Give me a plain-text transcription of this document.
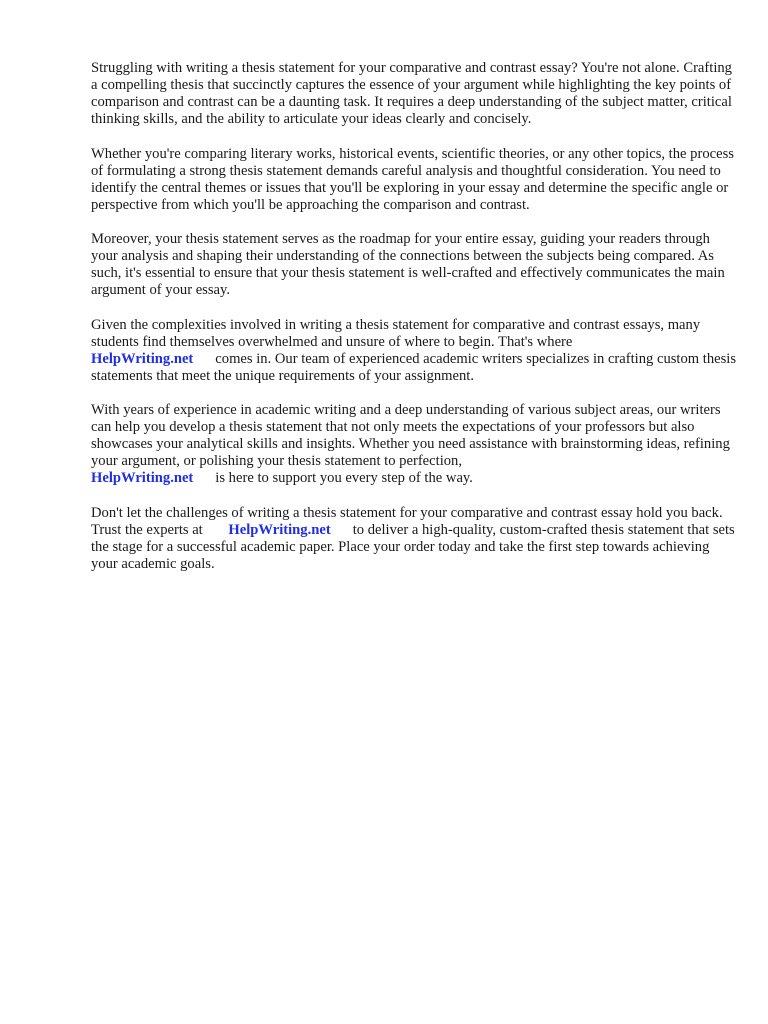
Struggling with writing a thesis statement for your comparative and contrast essay? You're not alone. Crafting a compelling thesis that succinctly captures the essence of your argument while highlighting the key points of comparison and contrast can be a daunting task. It requires a deep understanding of the subject matter, critical thinking skills, and the ability to articulate your ideas clearly and concisely.

Whether you're comparing literary works, historical events, scientific theories, or any other topics, the process of formulating a strong thesis statement demands careful analysis and thoughtful consideration. You need to identify the central themes or issues that you'll be exploring in your essay and determine the specific angle or perspective from which you'll be approaching the comparison and contrast.

Moreover, your thesis statement serves as the roadmap for your entire essay, guiding your readers through your analysis and shaping their understanding of the connections between the subjects being compared. As such, it's essential to ensure that your thesis statement is well-crafted and effectively communicates the main argument of your essay.

Given the complexities involved in writing a thesis statement for comparative and contrast essays, many students find themselves overwhelmed and unsure of where to begin. That's where
HelpWriting.net comes in. Our team of experienced academic writers specializes in crafting custom thesis statements that meet the unique requirements of your assignment.

With years of experience in academic writing and a deep understanding of various subject areas, our writers can help you develop a thesis statement that not only meets the expectations of your professors but also showcases your analytical skills and insights. Whether you need assistance with brainstorming ideas, refining your argument, or polishing your thesis statement to perfection,
HelpWriting.net is here to support you every step of the way.

Don't let the challenges of writing a thesis statement for your comparative and contrast essay hold you back. Trust the experts at HelpWriting.net to deliver a high-quality, custom-crafted thesis statement that sets the stage for a successful academic paper. Place your order today and take the first step towards achieving your academic goals.
